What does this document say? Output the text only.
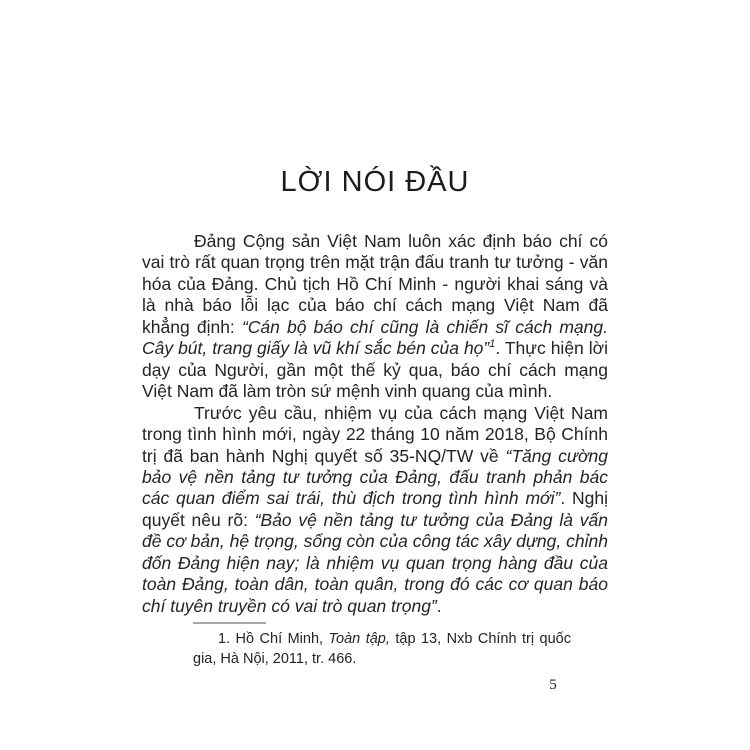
LỜI NÓI ĐẦU

Đảng Cộng sản Việt Nam luôn xác định báo chí có vai trò rất quan trọng trên mặt trận đấu tranh tư tưởng - văn hóa của Đảng. Chủ tịch Hồ Chí Minh - người khai sáng và là nhà báo lỗi lạc của báo chí cách mạng Việt Nam đã khẳng định: “Cán bộ báo chí cũng là chiến sĩ cách mạng. Cây bút, trang giấy là vũ khí sắc bén của họ”$^1$. Thực hiện lời dạy của Người, gần một thế kỷ qua, báo chí cách mạng Việt Nam đã làm tròn sứ mệnh vinh quang của mình.

Trước yêu cầu, nhiệm vụ của cách mạng Việt Nam trong tình hình mới, ngày 22 tháng 10 năm 2018, Bộ Chính trị đã ban hành Nghị quyết số 35-NQ/TW về “Tăng cường bảo vệ nền tảng tư tưởng của Đảng, đấu tranh phản bác các quan điểm sai trái, thù địch trong tình hình mới”. Nghị quyết nêu rõ: “Bảo vệ nền tảng tư tưởng của Đảng là vấn đề cơ bản, hệ trọng, sống còn của công tác xây dựng, chỉnh đốn Đảng hiện nay; là nhiệm vụ quan trọng hàng đầu của toàn Đảng, toàn dân, toàn quân, trong đó các cơ quan báo chí tuyên truyền có vai trò quan trọng”.

1. Hồ Chí Minh, Toàn tập, tập 13, Nxb Chính trị quốc gia, Hà Nội, 2011, tr. 466.

5
